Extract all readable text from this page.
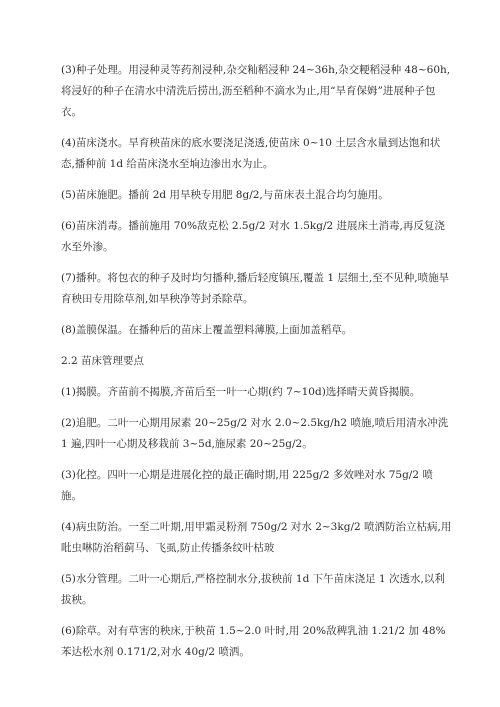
(3)种子处理。用浸种灵等药剂浸种,杂交籼稻浸种 24~36h,杂交粳稻浸种 48~60h,将浸好的种子在清水中清洗后捞出,沥至稻种不滴水为止,用“旱育保姆”进展种子包衣。

(4)苗床浇水。旱育秧苗床的底水要浇足浇透,使苗床 0~10 土层含水量到达饱和状态,播种前 1d 给苗床浇水至垧边渗出水为止。

(5)苗床施肥。播前 2d 用旱秧专用肥 8g/2,与苗床表土混合均匀施用。

(6)苗床消毒。播前施用 70%敌克松 2.5g/2 对水 1.5kg/2 进展床土消毒,再反复浇水至外渗。

(7)播种。将包衣的种子及时均匀播种,播后轻度镇压,覆盖 1 层细土,至不见种,喷施旱育秧田专用除草剂,如旱秧净等封杀除草。

(8)盖膜保温。在播种后的苗床上覆盖塑料薄膜,上面加盖稻草。

2.2 苗床管理要点

(1)揭膜。齐苗前不揭膜,齐苗后至一叶一心期(约 7~10d)选择晴天黄昏揭膜。

(2)追肥。二叶一心期用尿素 20~25g/2 对水 2.0~2.5kg/h2 喷施,喷后用清水冲洗 1 遍,四叶一心期及移栽前 3~5d,施尿素 20~25g/2。

(3)化控。四叶一心期是进展化控的最正确时期,用 225g/2 多效唑对水 75g/2 喷施。

(4)病虫防治。一至二叶期,用甲霜灵粉剂 750g/2 对水 2~3kg/2 喷洒防治立枯病,用吡虫啉防治稻蓟马、飞虱,防止传播条纹叶枯玻

(5)水分管理。二叶一心期后,严格控制水分,拔秧前 1d 下午苗床浇足 1 次透水,以利拔秧。

(6)除草。对有草害的秧床,于秧苗 1.5~2.0 叶时,用 20%敌稗乳油 1.21/2 加 48%苯达松水剂 0.171/2,对水 40g/2 喷洒。
